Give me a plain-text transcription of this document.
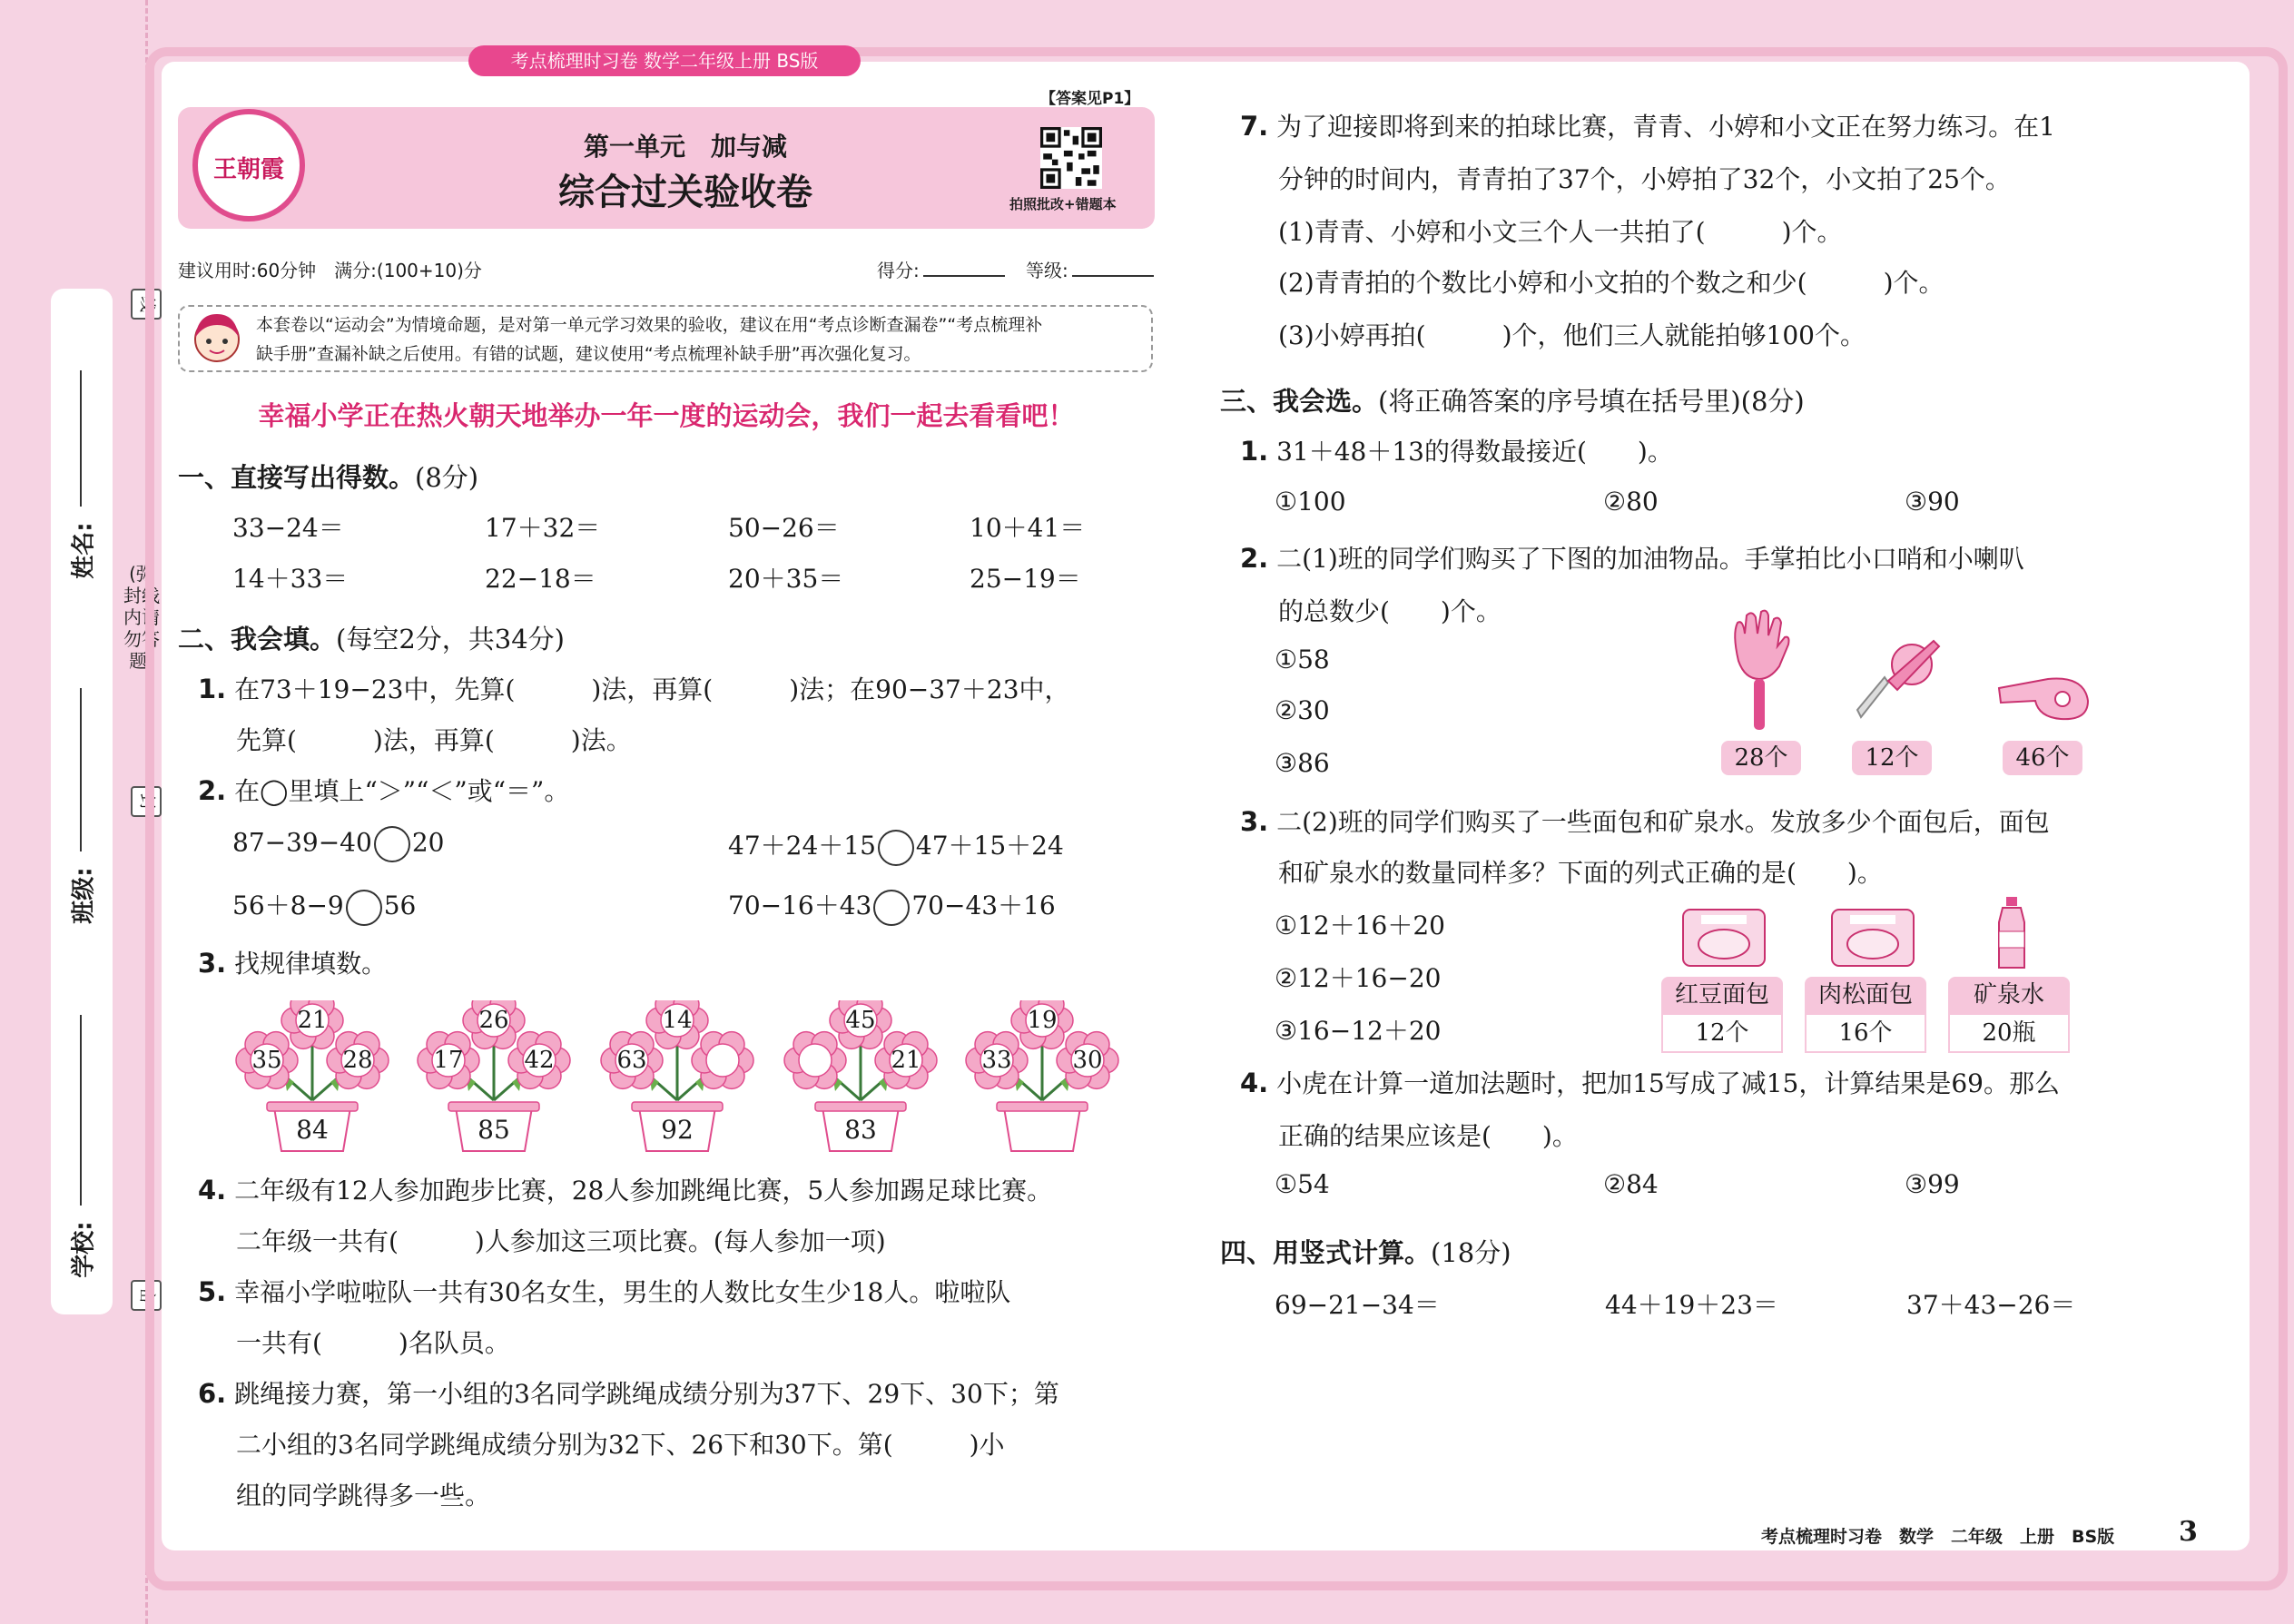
姓名:
班级:
学校:
线
(弥封线内请勿答题)
封
密
考点梳理时习卷 数学二年级上册 BS版
王朝霞
第一单元　加与减
综合过关验收卷
【答案见P1】
拍照批改+错题本
建议用时:60分钟　满分:(100+10)分	得分:	等级:
本套卷以“运动会”为情境命题，是对第一单元学习效果的验收，建议在用“考点诊断查漏卷”“考点梳理补
缺手册”查漏补缺之后使用。有错的试题，建议使用“考点梳理补缺手册”再次强化复习。
幸福小学正在热火朝天地举办一年一度的运动会，我们一起去看看吧！
一、直接写出得数。(8分)
33−24＝	17＋32＝	50−26＝	10＋41＝
14＋33＝	22−18＝	20＋35＝	25−19＝
二、我会填。(每空2分，共34分)
1. 在73＋19−23中，先算(　　　)法，再算(　　　)法；在90−37＋23中，
先算(　　　)法，再算(　　　)法。
2. 在◯里填上“＞”“＜”或“＝”。
87−39−40 20	47＋24＋15 47＋15＋24
56＋8−9 56	70−16＋43 70−43＋16
3. 找规律填数。
21
35	28
84
26
17	42
85
14
63
92
45
21
83
19
33	30
4. 二年级有12人参加跑步比赛，28人参加跳绳比赛，5人参加踢足球比赛。
二年级一共有(　　　)人参加这三项比赛。(每人参加一项)
5. 幸福小学啦啦队一共有30名女生，男生的人数比女生少18人。啦啦队
一共有(　　　)名队员。
6. 跳绳接力赛，第一小组的3名同学跳绳成绩分别为37下、29下、30下；第
二小组的3名同学跳绳成绩分别为32下、26下和30下。第(　　　)小
组的同学跳得多一些。
7. 为了迎接即将到来的拍球比赛，青青、小婷和小文正在努力练习。在1
分钟的时间内，青青拍了37个，小婷拍了32个，小文拍了25个。
(1)青青、小婷和小文三个人一共拍了(　　　)个。
(2)青青拍的个数比小婷和小文拍的个数之和少(　　　)个。
(3)小婷再拍(　　　)个，他们三人就能拍够100个。
三、我会选。(将正确答案的序号填在括号里)(8分)
1. 31＋48＋13的得数最接近(　　)。
①100	②80	③90
2. 二(1)班的同学们购买了下图的加油物品。手掌拍比小口哨和小喇叭
的总数少(　　)个。
①58
②30
③86	28个	12个	46个
3. 二(2)班的同学们购买了一些面包和矿泉水。发放多少个面包后，面包
和矿泉水的数量同样多？下面的列式正确的是(　　)。
①12＋16＋20
②12＋16−20
③16−12＋20
红豆面包
12个
肉松面包
16个
矿泉水
20瓶
4. 小虎在计算一道加法题时，把加15写成了减15，计算结果是69。那么
正确的结果应该是(　　)。
①54	②84	③99
四、用竖式计算。(18分)
69−21−34＝	44＋19＋23＝	37＋43−26＝
考点梳理时习卷　数学　二年级　上册　BS版 3
